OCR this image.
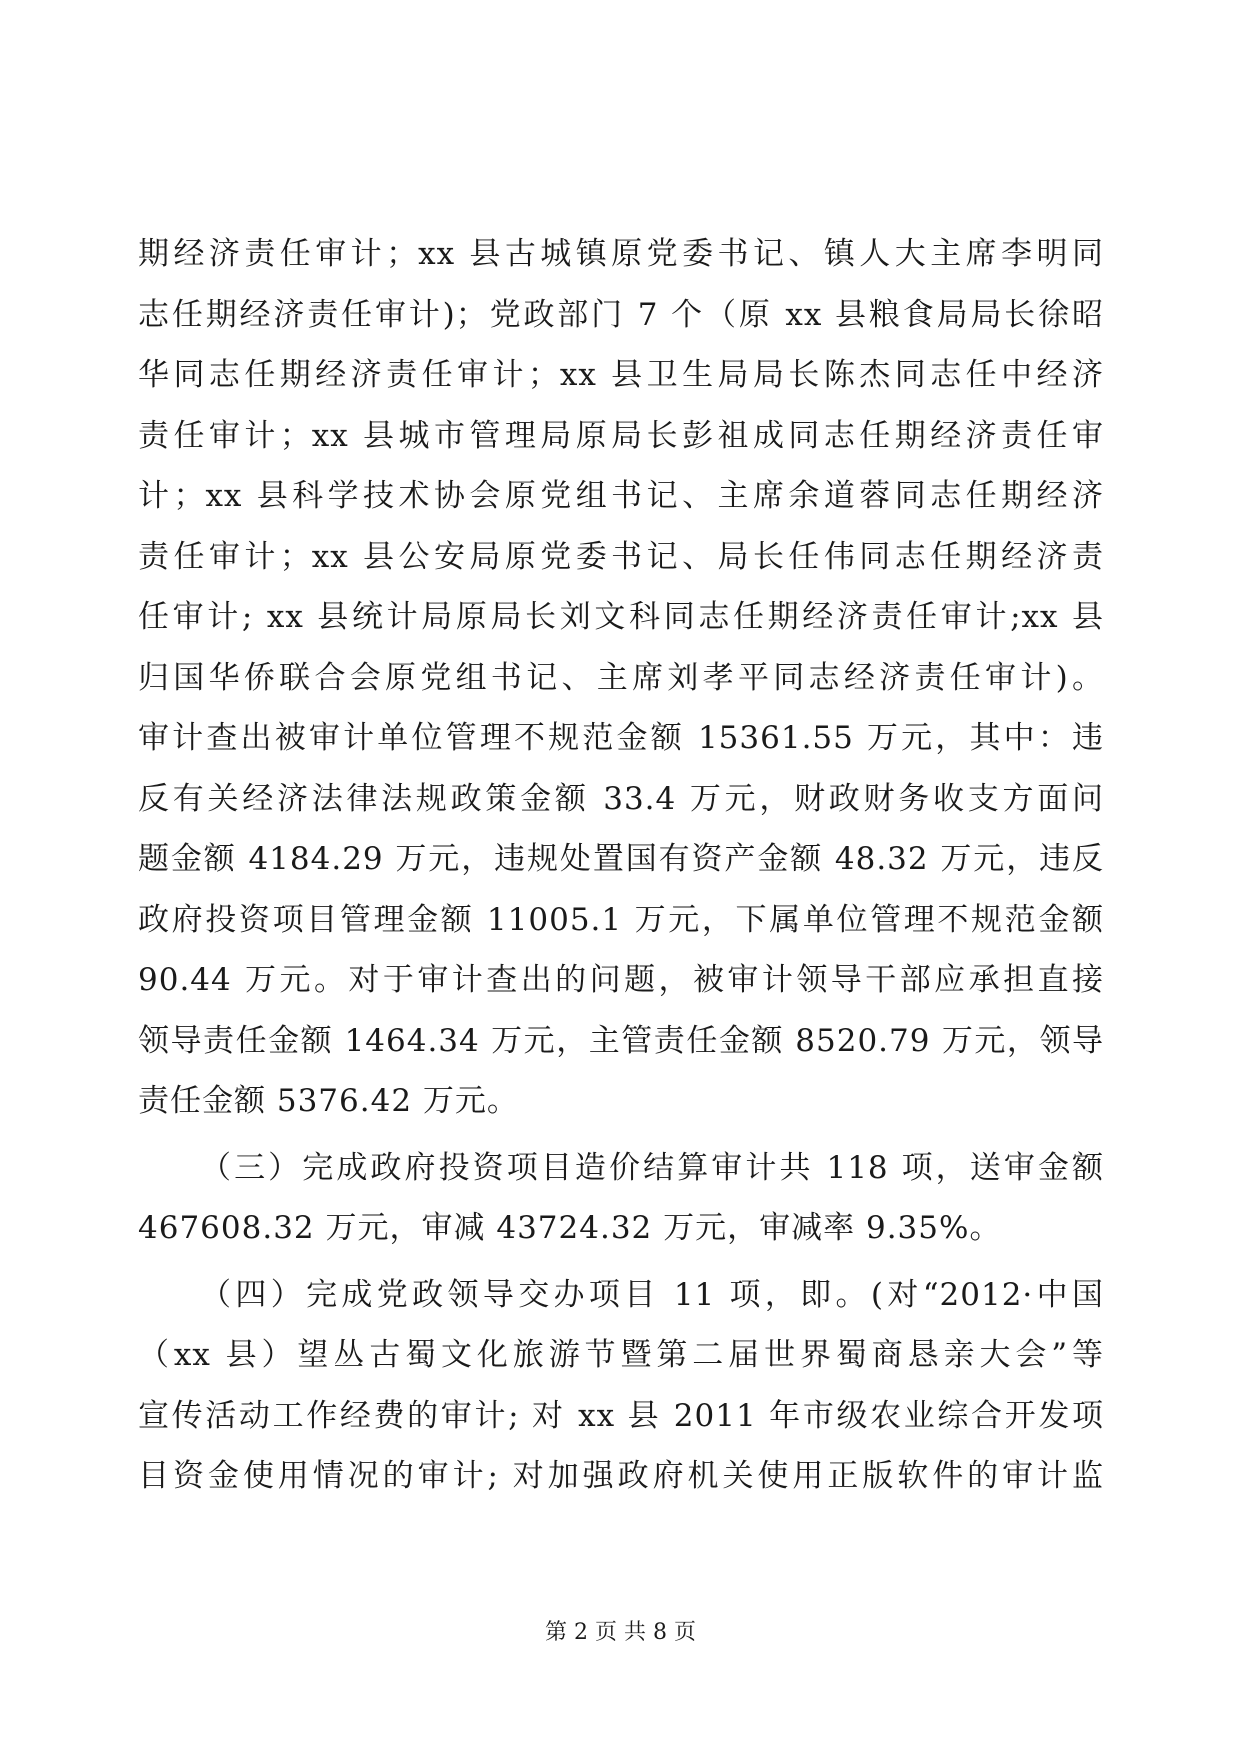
期经济责任审计；xx 县古城镇原党委书记、镇人大主席李明同
志任期经济责任审计)；党政部门 7 个（原 xx 县粮食局局长徐昭
华同志任期经济责任审计；xx 县卫生局局长陈杰同志任中经济
责任审计；xx 县城市管理局原局长彭祖成同志任期经济责任审
计；xx 县科学技术协会原党组书记、主席余道蓉同志任期经济
责任审计；xx 县公安局原党委书记、局长任伟同志任期经济责
任审计; xx 县统计局原局长刘文科同志任期经济责任审计;xx 县
归国华侨联合会原党组书记、主席刘孝平同志经济责任审计)。
审计查出被审计单位管理不规范金额 15361.55 万元，其中：违
反有关经济法律法规政策金额 33.4 万元，财政财务收支方面问
题金额 4184.29 万元，违规处置国有资产金额 48.32 万元，违反
政府投资项目管理金额 11005.1 万元，下属单位管理不规范金额
90.44 万元。对于审计查出的问题，被审计领导干部应承担直接
领导责任金额 1464.34 万元，主管责任金额 8520.79 万元，领导
责任金额 5376.42 万元。
（三）完成政府投资项目造价结算审计共 118 项，送审金额
467608.32 万元，审减 43724.32 万元，审减率 9.35%。
（四）完成党政领导交办项目 11 项，即。(对“2012·中国
（xx 县）望丛古蜀文化旅游节暨第二届世界蜀商恳亲大会”等
宣传活动工作经费的审计; 对 xx 县 2011 年市级农业综合开发项
目资金使用情况的审计; 对加强政府机关使用正版软件的审计监
第 2 页 共 8 页
